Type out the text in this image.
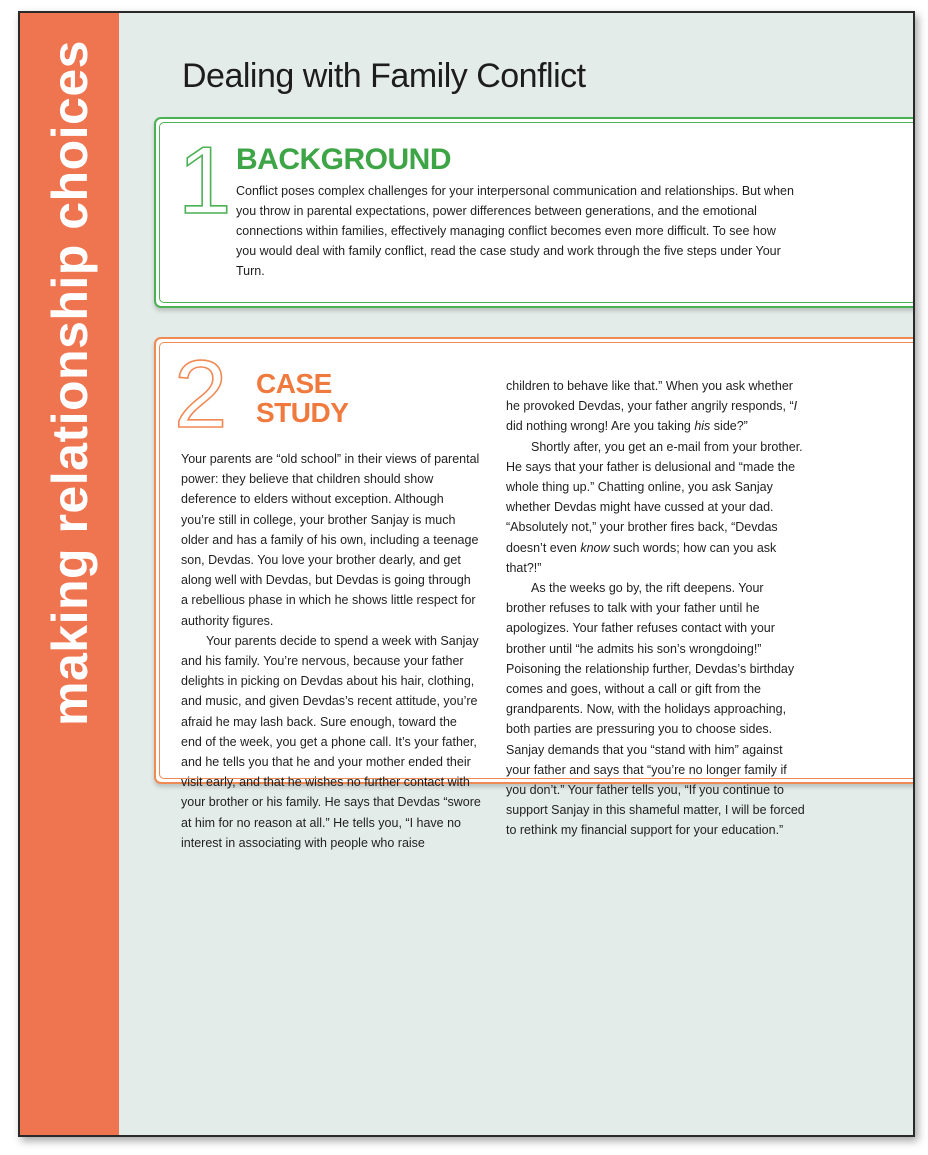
making relationship choices Dealing with Family Conflict
1 BACKGROUND
Conflict poses complex challenges for your interpersonal communication and relationships. But when you throw in parental expectations, power differences between generations, and the emotional connections within families, effectively managing conflict becomes even more difficult. To see how you would deal with family conflict, read the case study and work through the five steps under Your Turn.
2 CASE
STUDY

Your parents are “old school” in their views of parental power: they believe that children should show deference to elders without exception. Although you’re still in college, your brother Sanjay is much older and has a family of his own, including a teenage son, Devdas. You love your brother dearly, and get along well with Devdas, but Devdas is going through a rebellious phase in which he shows little respect for authority figures.

Your parents decide to spend a week with Sanjay and his family. You’re nervous, because your father delights in picking on Devdas about his hair, clothing, and music, and given Devdas’s recent attitude, you’re afraid he may lash back. Sure enough, toward the end of the week, you get a phone call. It’s your father, and he tells you that he and your mother ended their visit early, and that he wishes no further contact with your brother or his family. He says that Devdas “swore at him for no reason at all.” He tells you, “I have no interest in associating with people who raise

children to behave like that.” When you ask whether he provoked Devdas, your father angrily responds, “I did nothing wrong! Are you taking his side?”

Shortly after, you get an e-mail from your brother. He says that your father is delusional and “made the whole thing up.” Chatting online, you ask Sanjay whether Devdas might have cussed at your dad. “Absolutely not,” your brother fires back, “Devdas doesn’t even know such words; how can you ask that?!”

As the weeks go by, the rift deepens. Your brother refuses to talk with your father until he apologizes. Your father refuses contact with your brother until “he admits his son’s wrongdoing!” Poisoning the relationship further, Devdas’s birthday comes and goes, without a call or gift from the grandparents. Now, with the holidays approaching, both parties are pressuring you to choose sides. Sanjay demands that you “stand with him” against your father and says that “you’re no longer family if you don’t.” Your father tells you, “If you continue to support Sanjay in this shameful matter, I will be forced to rethink my financial support for your education.”
